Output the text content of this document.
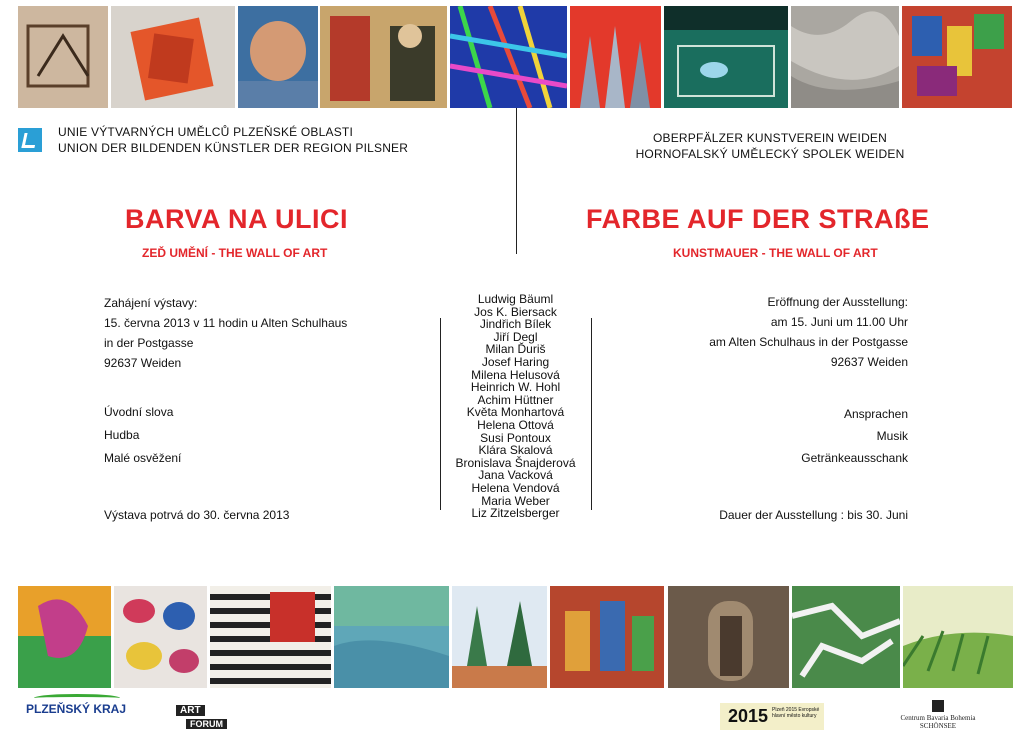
UNIE VÝTVARNÝCH UMĚLCŮ PLZEŇSKÉ OBLASTI
UNION DER BILDENDEN KÜNSTLER DER REGION PILSNER
OBERPFÄLZER KUNSTVEREIN WEIDEN
HORNOFALSKÝ UMĚLECKÝ SPOLEK WEIDEN
BARVA NA ULICI
ZEĎ UMĚNÍ - THE WALL OF ART
FARBE AUF DER STRAßE
KUNSTMAUER - THE WALL OF ART
Zahájení výstavy:
15. června 2013 v 11 hodin u Alten Schulhaus
in der Postgasse
92637 Weiden
Úvodní slova
Hudba
Malé osvěžení
Výstava potrvá do 30. června 2013
Ludwig Bäuml
Jos K. Biersack
Jindřich Bílek
Jiří Degl
Milan Ďuriš
Josef Haring
Milena Helusová
Heinrich W. Hohl
Achim Hüttner
Květa Monhartová
Helena Ottová
Susi Pontoux
Klára Skalová
Bronislava Šnajderová
Jana Vacková
Helena Vendová
Maria Weber
Liz Zitzelsberger
Eröffnung der Ausstellung:
am 15. Juni um 11.00 Uhr
am Alten Schulhaus in der Postgasse
92637 Weiden
Ansprachen
Musik
Getränkeausschank
Dauer der Ausstellung : bis 30. Juni
PLZEŇSKÝ KRAJ	ART
FORUM	2015 Plzeň 2015 Evropské hlavní město kultury	Centrum Bavaria Bohemia
SCHÖNSEE
